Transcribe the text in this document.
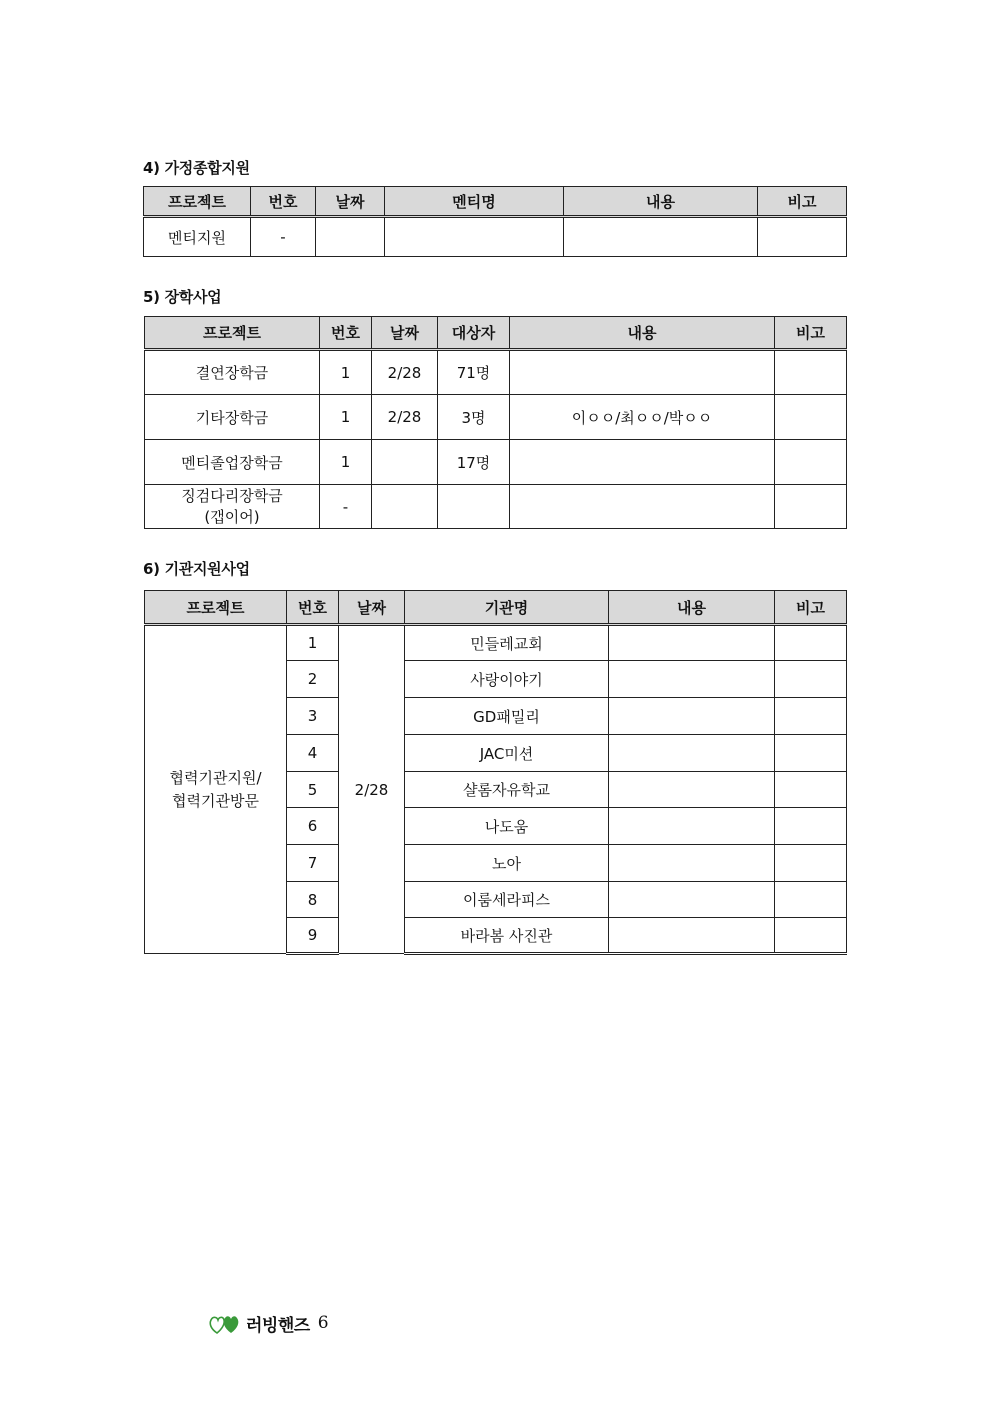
4) 가정종합지원
프로젝트	번호	날짜	멘티명	내용	비고
멘티지원	-				
5) 장학사업
프로젝트	번호	날짜	대상자	내용	비고
결연장학금	1	2/28	71명		
기타장학금	1	2/28	3명	이ㅇㅇ/최ㅇㅇ/박ㅇㅇ	
멘티졸업장학금	1		17명		
징검다리장학금
(갭이어)	-				
6) 기관지원사업
프로젝트	번호	날짜	기관명	내용	비고
협력기관지원/
협력기관방문	1	2/28	민들레교회		
	2		사랑이야기		
	3		GD패밀리		
	4		JAC미션		
	5		샬롬자유학교		
	6		나도움		
	7		노아		
	8		이룸세라피스		
	9		바라봄 사진관		
러빙핸즈 6
